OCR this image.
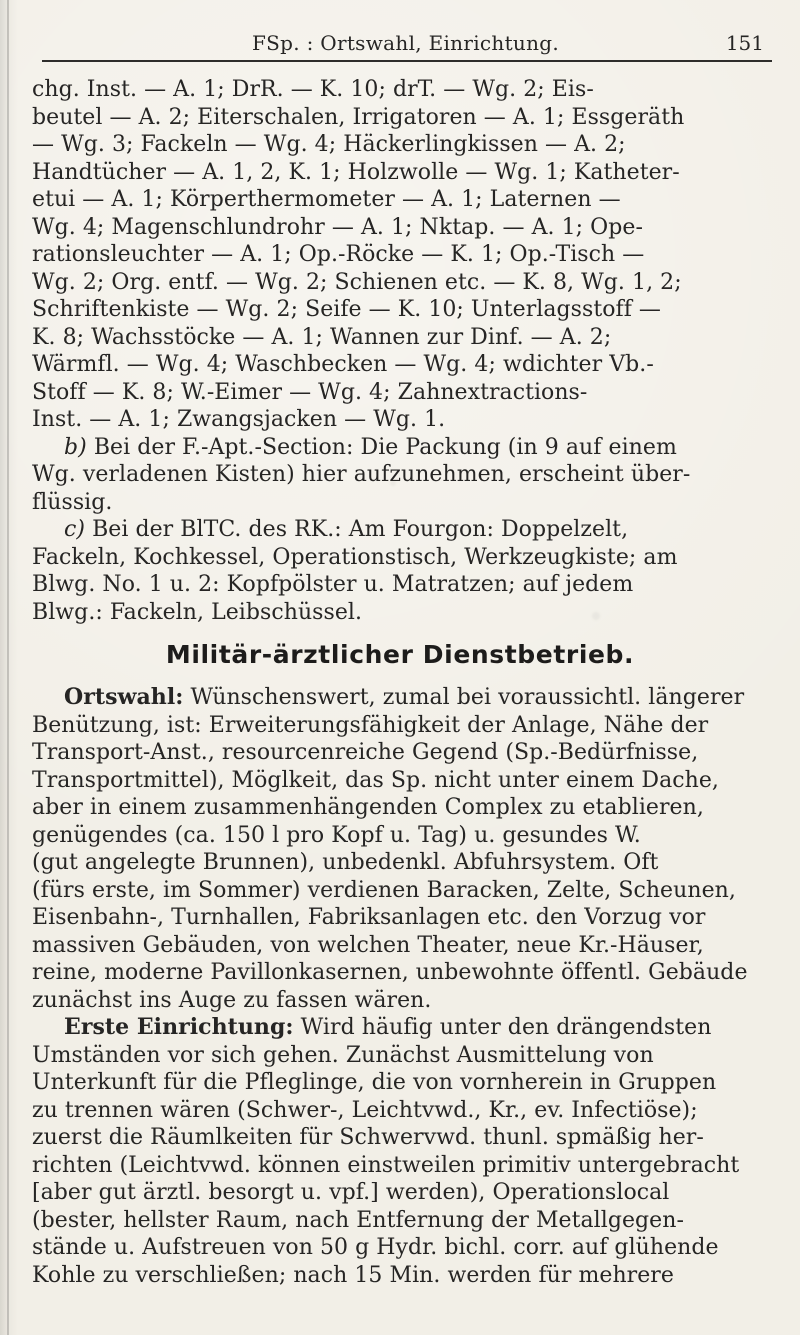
FSp. : Ortswahl, Einrichtung.	151
chg. Inst. — A. 1; DrR. — K. 10; drT. — Wg. 2; Eis-
beutel — A. 2; Eiterschalen, Irrigatoren — A. 1; Essgeräth
— Wg. 3; Fackeln — Wg. 4; Häckerlingkissen — A. 2;
Handtücher — A. 1, 2, K. 1; Holzwolle — Wg. 1; Katheter-
etui — A. 1; Körperthermometer — A. 1; Laternen —
Wg. 4; Magenschlundrohr — A. 1; Nktap. — A. 1; Ope-
rationsleuchter — A. 1; Op.-Röcke — K. 1; Op.-Tisch —
Wg. 2; Org. entf. — Wg. 2; Schienen etc. — K. 8, Wg. 1, 2;
Schriftenkiste — Wg. 2; Seife — K. 10; Unterlagsstoff —
K. 8; Wachsstöcke — A. 1; Wannen zur Dinf. — A. 2;
Wärmfl. — Wg. 4; Waschbecken — Wg. 4; wdichter Vb.-
Stoff — K. 8; W.-Eimer — Wg. 4; Zahnextractions-
Inst. — A. 1; Zwangsjacken — Wg. 1.
b) Bei der F.-Apt.-Section: Die Packung (in 9 auf einem
Wg. verladenen Kisten) hier aufzunehmen, erscheint über-
flüssig.
c) Bei der BlTC. des RK.: Am Fourgon: Doppelzelt,
Fackeln, Kochkessel, Operationstisch, Werkzeugkiste; am
Blwg. No. 1 u. 2: Kopfpölster u. Matratzen; auf jedem
Blwg.: Fackeln, Leibschüssel.
Militär-ärztlicher Dienstbetrieb.
Ortswahl: Wünschenswert, zumal bei voraussichtl. längerer
Benützung, ist: Erweiterungsfähigkeit der Anlage, Nähe der
Transport-Anst., resourcenreiche Gegend (Sp.-Bedürfnisse,
Transportmittel), Möglkeit, das Sp. nicht unter einem Dache,
aber in einem zusammenhängenden Complex zu etablieren,
genügendes (ca. 150 l pro Kopf u. Tag) u. gesundes W.
(gut angelegte Brunnen), unbedenkl. Abfuhrsystem. Oft
(fürs erste, im Sommer) verdienen Baracken, Zelte, Scheunen,
Eisenbahn-, Turnhallen, Fabriksanlagen etc. den Vorzug vor
massiven Gebäuden, von welchen Theater, neue Kr.-Häuser,
reine, moderne Pavillonkasernen, unbewohnte öffentl. Gebäude
zunächst ins Auge zu fassen wären.
Erste Einrichtung: Wird häufig unter den drängendsten
Umständen vor sich gehen. Zunächst Ausmittelung von
Unterkunft für die Pfleglinge, die von vornherein in Gruppen
zu trennen wären (Schwer-, Leichtvwd., Kr., ev. Infectiöse);
zuerst die Räumlkeiten für Schwervwd. thunl. spmäßig her-
richten (Leichtvwd. können einstweilen primitiv untergebracht
[aber gut ärztl. besorgt u. vpf.] werden), Operationslocal
(bester, hellster Raum, nach Entfernung der Metallgegen-
stände u. Aufstreuen von 50 g Hydr. bichl. corr. auf glühende
Kohle zu verschließen; nach 15 Min. werden für mehrere
